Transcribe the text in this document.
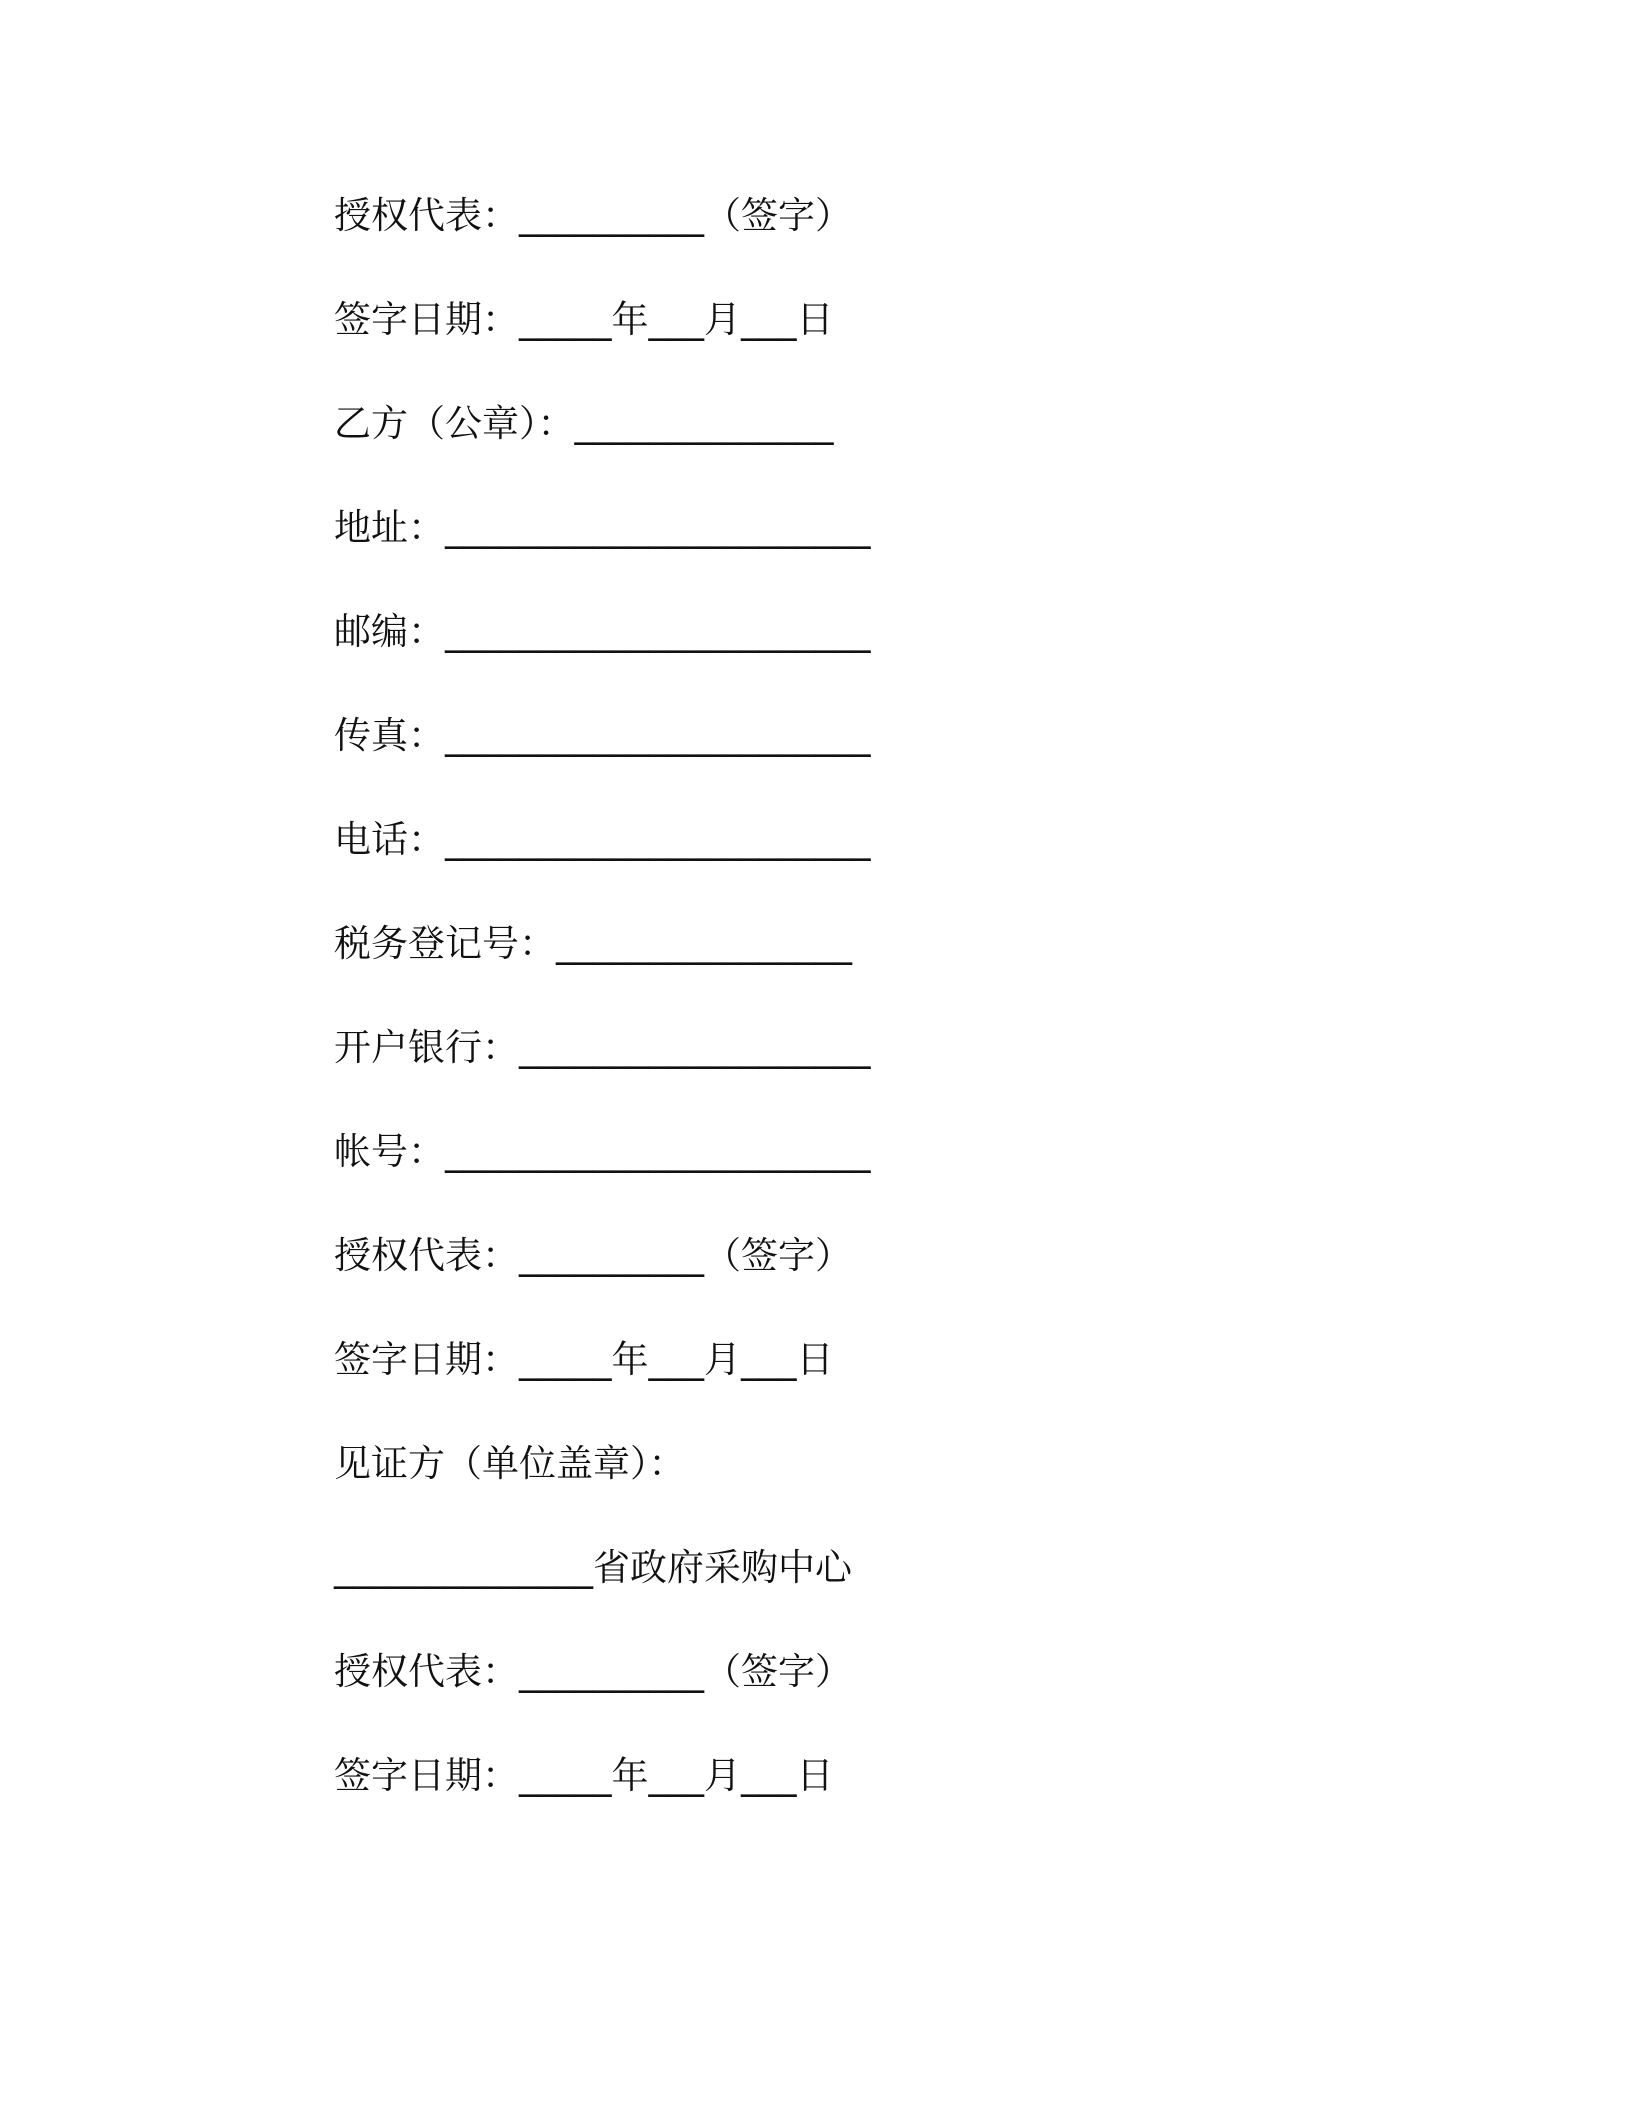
授权代表：__________（签字）
签字日期：_____年___月___日
乙方（公章）：______________
地址：_______________________
邮编：_______________________
传真：_______________________
电话：_______________________
税务登记号：________________
开户银行：___________________
帐号：_______________________
授权代表：__________（签字）
签字日期：_____年___月___日
见证方（单位盖章）：
______________省政府采购中心
授权代表：__________（签字）
签字日期：_____年___月___日
